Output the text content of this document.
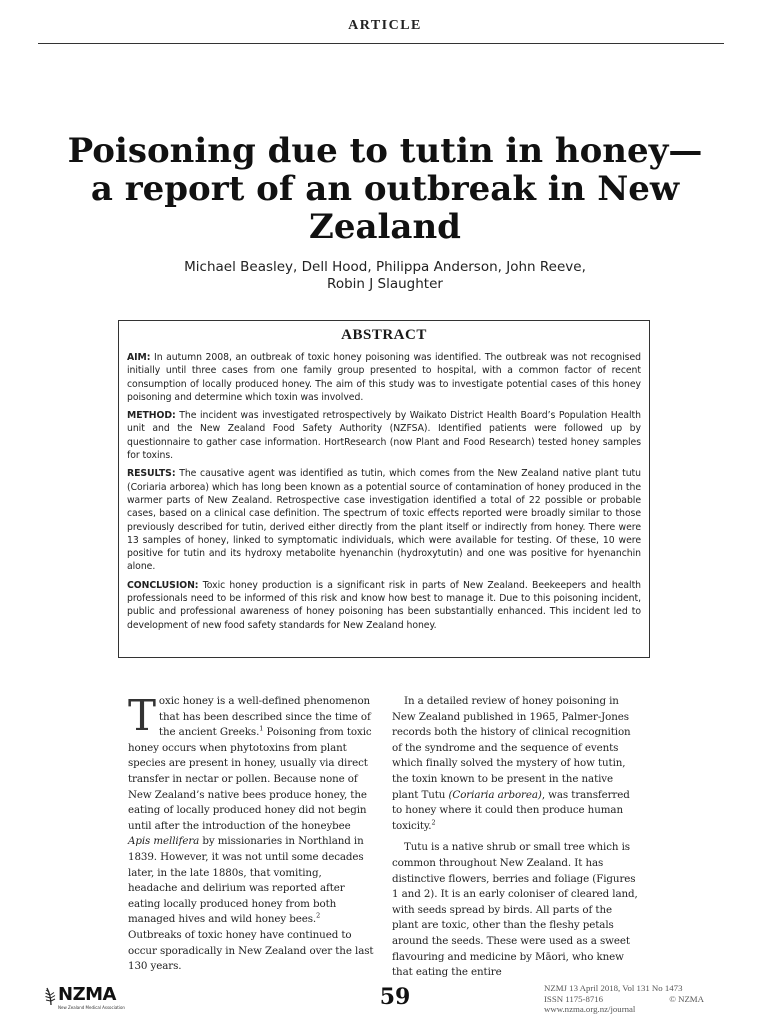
ARTICLE
Poisoning due to tutin in honey—a report of an outbreak in New Zealand
Michael Beasley, Dell Hood, Philippa Anderson, John Reeve,
Robin J Slaughter
ABSTRACT

AIM: In autumn 2008, an outbreak of toxic honey poisoning was identified. The outbreak was not recognised initially until three cases from one family group presented to hospital, with a common factor of recent consumption of locally produced honey. The aim of this study was to investigate potential cases of this honey poisoning and determine which toxin was involved.

METHOD: The incident was investigated retrospectively by Waikato District Health Board’s Population Health unit and the New Zealand Food Safety Authority (NZFSA). Identified patients were followed up by questionnaire to gather case information. HortResearch (now Plant and Food Research) tested honey samples for toxins.

RESULTS: The causative agent was identified as tutin, which comes from the New Zealand native plant tutu (Coriaria arborea) which has long been known as a potential source of contamination of honey produced in the warmer parts of New Zealand. Retrospective case investigation identified a total of 22 possible or probable cases, based on a clinical case definition. The spectrum of toxic effects reported were broadly similar to those previously described for tutin, derived either directly from the plant itself or indirectly from honey. There were 13 samples of honey, linked to symptomatic individuals, which were available for testing. Of these, 10 were positive for tutin and its hydroxy metabolite hyenanchin (hydroxytutin) and one was positive for hyenanchin alone.

CONCLUSION: Toxic honey production is a significant risk in parts of New Zealand. Beekeepers and health professionals need to be informed of this risk and know how best to manage it. Due to this poisoning incident, public and professional awareness of honey poisoning has been substantially enhanced. This incident led to development of new food safety standards for New Zealand honey.

Toxic honey is a well-defined phenomenon that has been described since the time of the ancient Greeks.$^1$ Poisoning from toxic honey occurs when phytotoxins from plant species are present in honey, usually via direct transfer in nectar or pollen. Because none of New Zealand’s native bees produce honey, the eating of locally produced honey did not begin until after the introduction of the honeybee Apis mellifera by missionaries in Northland in 1839. However, it was not until some decades later, in the late 1880s, that vomiting, headache and delirium was reported after eating locally produced honey from both managed hives and wild honey bees.$^2$ Outbreaks of toxic honey have continued to occur sporadically in New Zealand over the last 130 years.

In a detailed review of honey poisoning in New Zealand published in 1965, Palmer-Jones records both the history of clinical recognition of the syndrome and the sequence of events which finally solved the mystery of how tutin, the toxin known to be present in the native plant Tutu (Coriaria arborea), was transferred to honey where it could then produce human toxicity.$^2$

Tutu is a native shrub or small tree which is common throughout New Zealand. It has distinctive flowers, berries and foliage (Figures 1 and 2). It is an early coloniser of cleared land, with seeds spread by birds. All parts of the plant are toxic, other than the fleshy petals around the seeds. These were used as a sweet flavouring and medicine by Māori, who knew that eating the entire

NZMA
New Zealand Medical Association	59	NZMJ 13 April 2018, Vol 131 No 1473
ISSN 1175-8716	© NZMA
www.nzma.org.nz/journal
